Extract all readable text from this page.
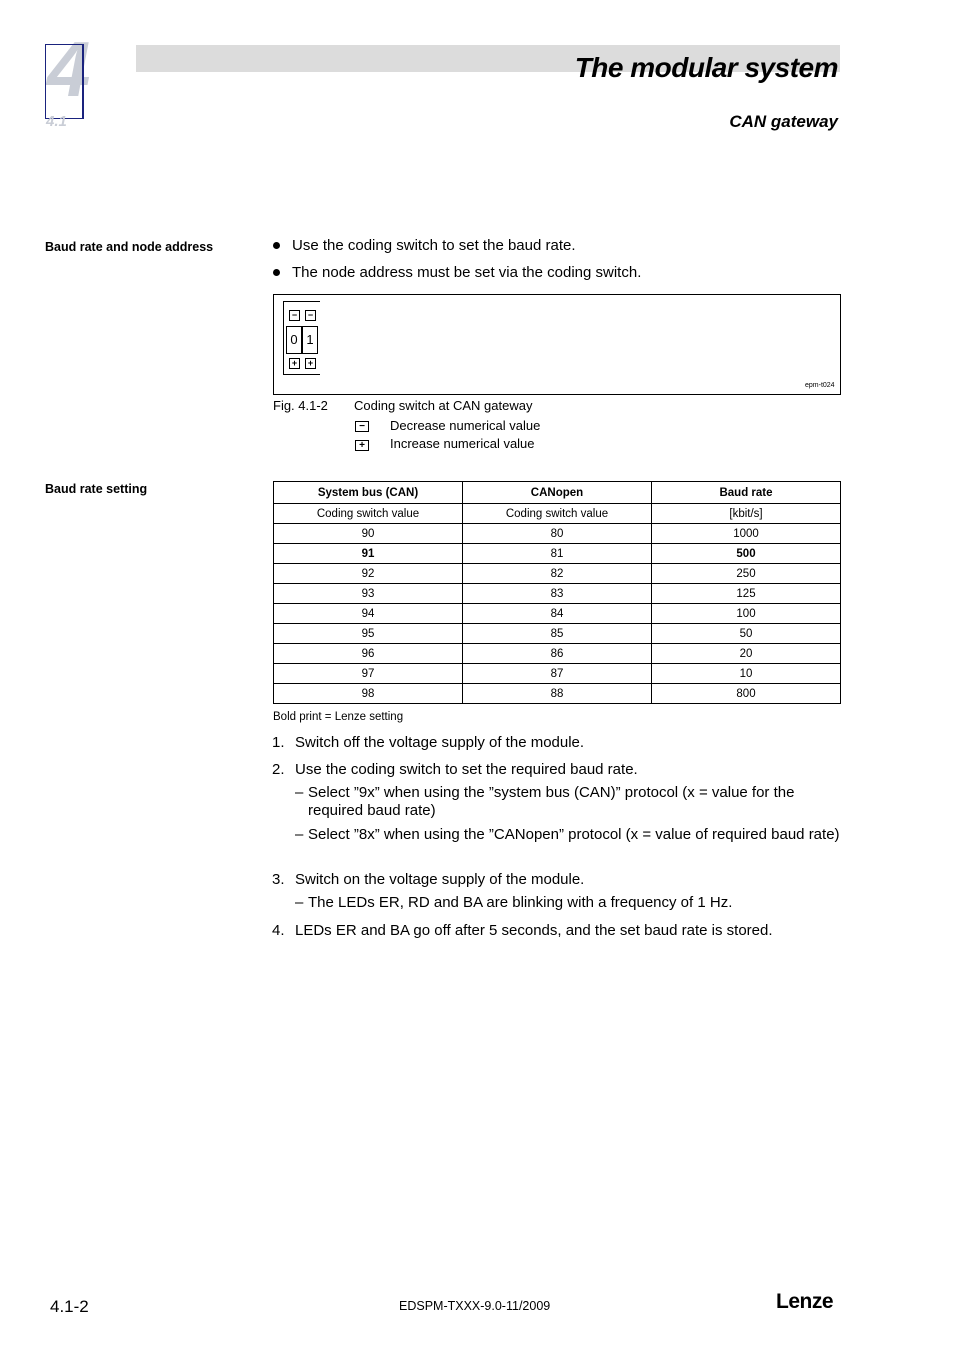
4
4.1
The modular system
CAN gateway
Baud rate and node address	Use the coding switch to set the baud rate.
The node address must be set via the coding switch.
−	−
0 1
+	+
epm-t024
Fig. 4.1-2 Coding switch at CAN gateway
−	Decrease numerical value
+	Increase numerical value
Baud rate setting	System bus (CAN)	CANopen	Baud rate
Coding switch value	Coding switch value	[kbit/s]
90	80	1000
91	81	500
92	82	250
93	83	125
94	84	100
95	85	50
96	86	20
97	87	10
98	88	800
Bold print = Lenze setting
1. Switch off the voltage supply of the module.
2. Use the coding switch to set the required baud rate.
– Select ”9x” when using the ”system bus (CAN)” protocol (x = value for the required baud rate)
– Select ”8x” when using the ”CANopen” protocol (x = value of required baud rate)
3. Switch on the voltage supply of the module.
– The LEDs ER, RD and BA are blinking with a frequency of 1 Hz.
4. LEDs ER and BA go off after 5 seconds, and the set baud rate is stored.
4.1-2	EDSPM-TXXX-9.0-11/2009	Lenze
